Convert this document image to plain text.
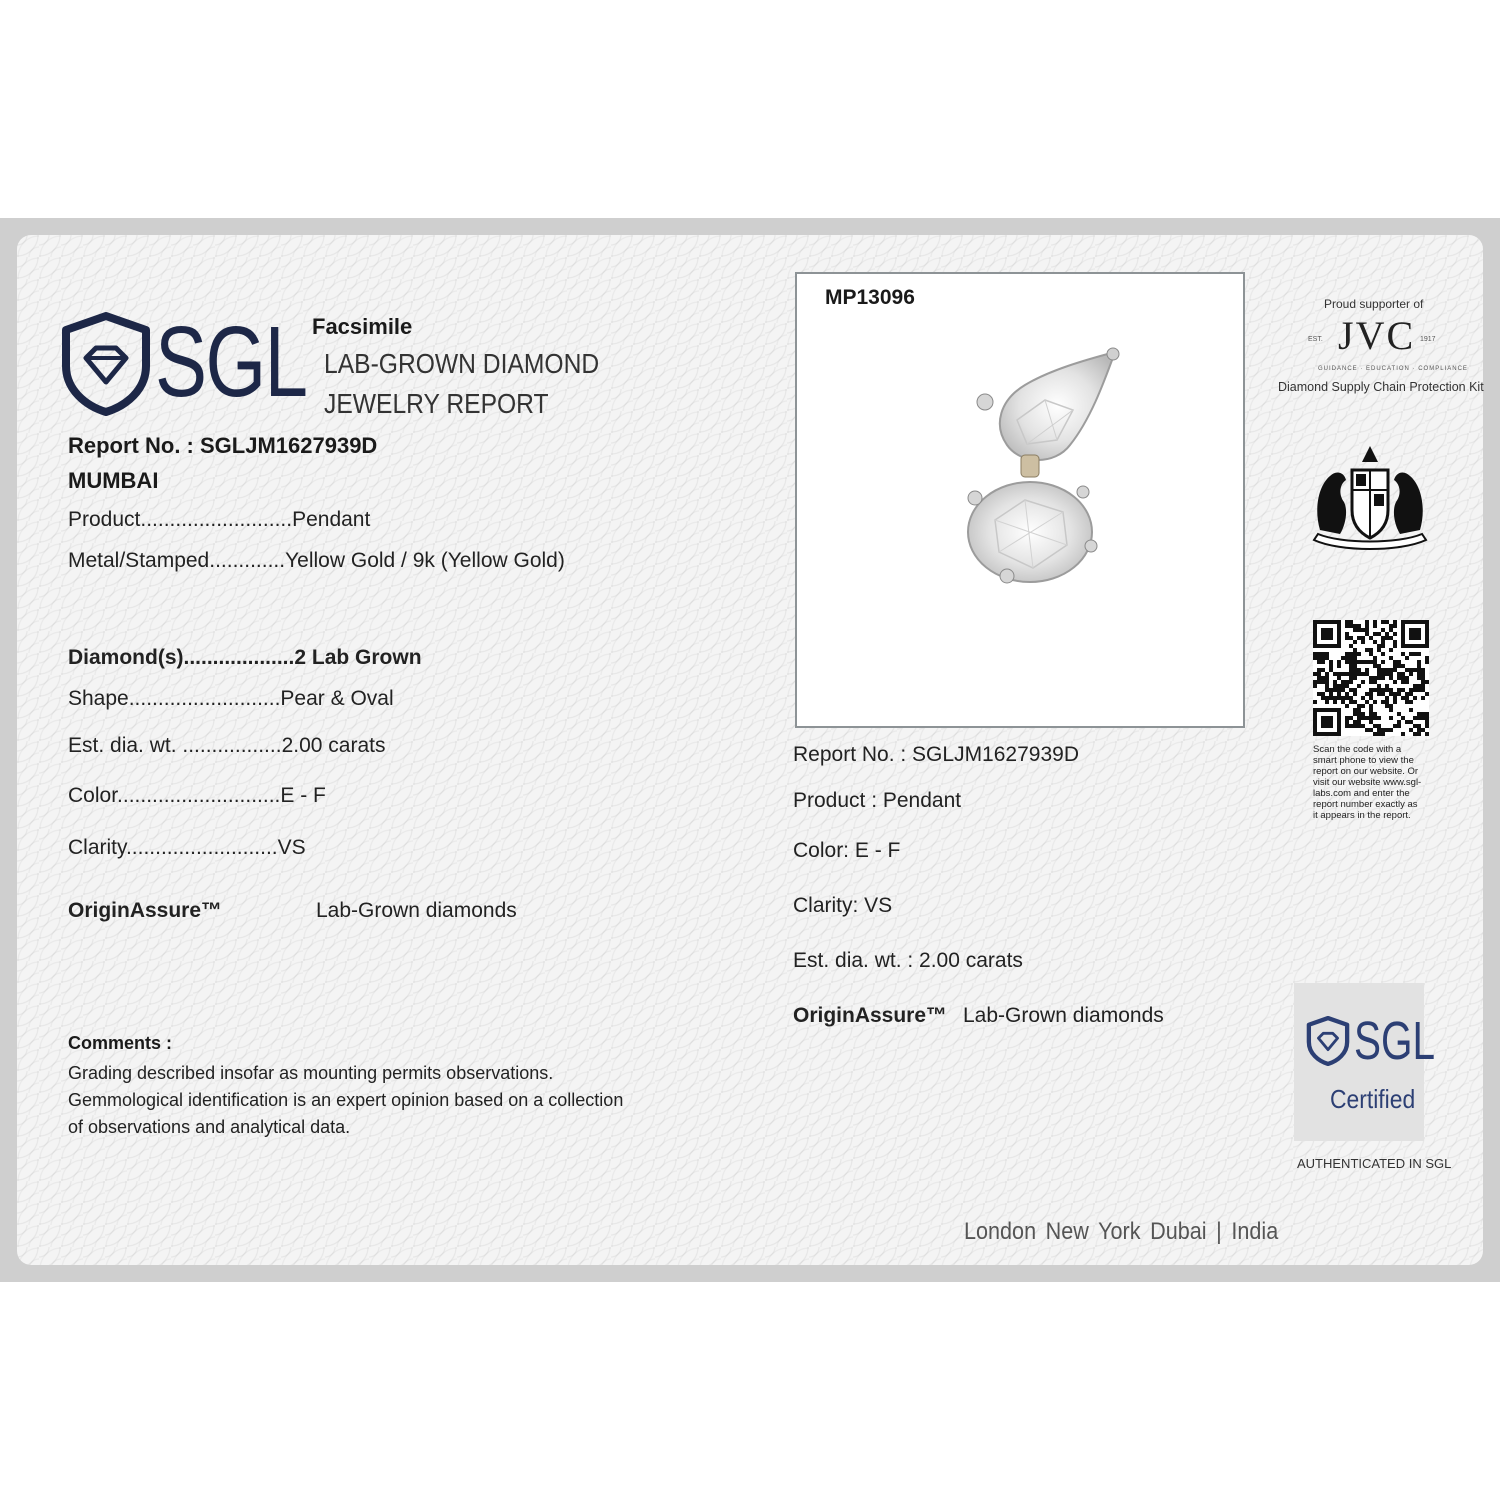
SGL Facsimile
LAB-GROWN DIAMOND
JEWELRY REPORT
Report No. : SGLJM1627939D
MUMBAI
Product..........................Pendant
Metal/Stamped.............Yellow Gold / 9k (Yellow Gold)
Diamond(s)...................2 Lab Grown
Shape..........................Pear & Oval
Est. dia. wt. .................2.00 carats
Color............................E - F
Clarity..........................VS
OriginAssure™	Lab-Grown diamonds
Comments :
Grading described insofar as mounting permits observations. Gemmological identification is an expert opinion based on a collection of observations and analytical data.
MP13096
Report No. : SGLJM1627939D
Product : Pendant
Color: E - F
Clarity: VS
Est. dia. wt. : 2.00 carats
OriginAssure™ Lab-Grown diamonds
Proud supporter of
JVC
EST.	1917
GUIDANCE · EDUCATION · COMPLIANCE
Diamond Supply Chain Protection Kit
Scan the code with a smart phone to view the report on our website. Or visit our website www.sgl-labs.com and enter the report number exactly as it appears in the report.
SGL
Certified
AUTHENTICATED IN SGL
London New York Dubai | India
